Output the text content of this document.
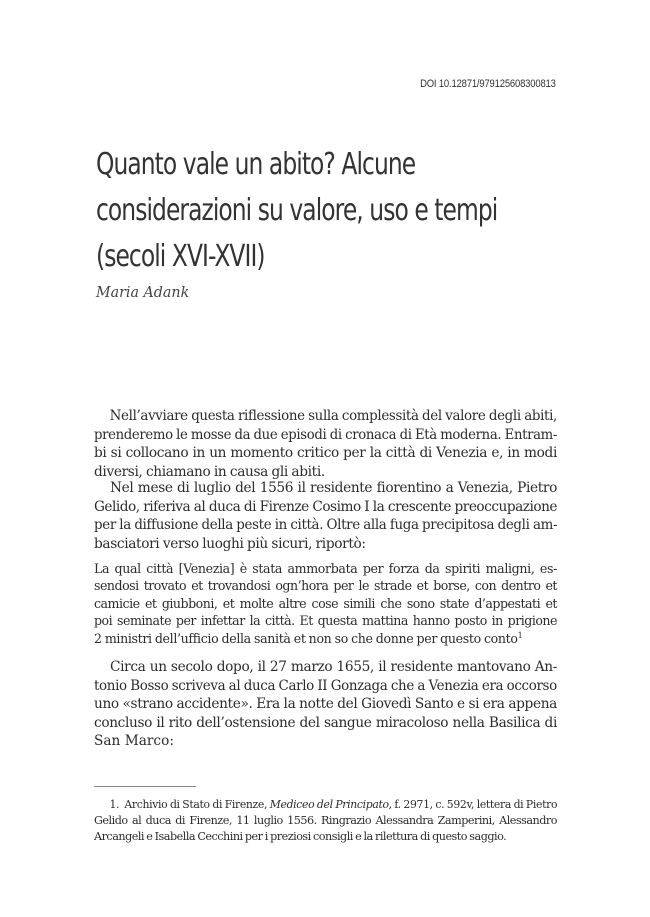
DOI 10.12871/979125608300813
Quanto vale un abito? Alcune
considerazioni su valore, uso e tempi
(secoli XVI-XVII)
Maria Adank
Nell’avviare questa riflessione sulla complessità del valore degli abiti,
prenderemo le mosse da due episodi di cronaca di Età moderna. Entram-
bi si collocano in un momento critico per la città di Venezia e, in modi
diversi, chiamano in causa gli abiti.
Nel mese di luglio del 1556 il residente fiorentino a Venezia, Pietro
Gelido, riferiva al duca di Firenze Cosimo I la crescente preoccupazione
per la diffusione della peste in città. Oltre alla fuga precipitosa degli am-
basciatori verso luoghi più sicuri, riportò:
La qual città [Venezia] è stata ammorbata per forza da spiriti maligni, es-
sendosi trovato et trovandosi ogn’hora per le strade et borse, con dentro et
camicie et giubboni, et molte altre cose simili che sono state d’appestati et
poi seminate per infettar la città. Et questa mattina hanno posto in prigione
2 ministri dell’ufficio della sanità et non so che donne per questo conto$^1$
Circa un secolo dopo, il 27 marzo 1655, il residente mantovano An-
tonio Bosso scriveva al duca Carlo II Gonzaga che a Venezia era occorso
uno «strano accidente». Era la notte del Giovedì Santo e si era appena
concluso il rito dell’ostensione del sangue miracoloso nella Basilica di
San Marco:
1. Archivio di Stato di Firenze, Mediceo del Principato, f. 2971, c. 592v, lettera di Pietro
Gelido al duca di Firenze, 11 luglio 1556. Ringrazio Alessandra Zamperini, Alessandro
Arcangeli e Isabella Cecchini per i preziosi consigli e la rilettura di questo saggio.
